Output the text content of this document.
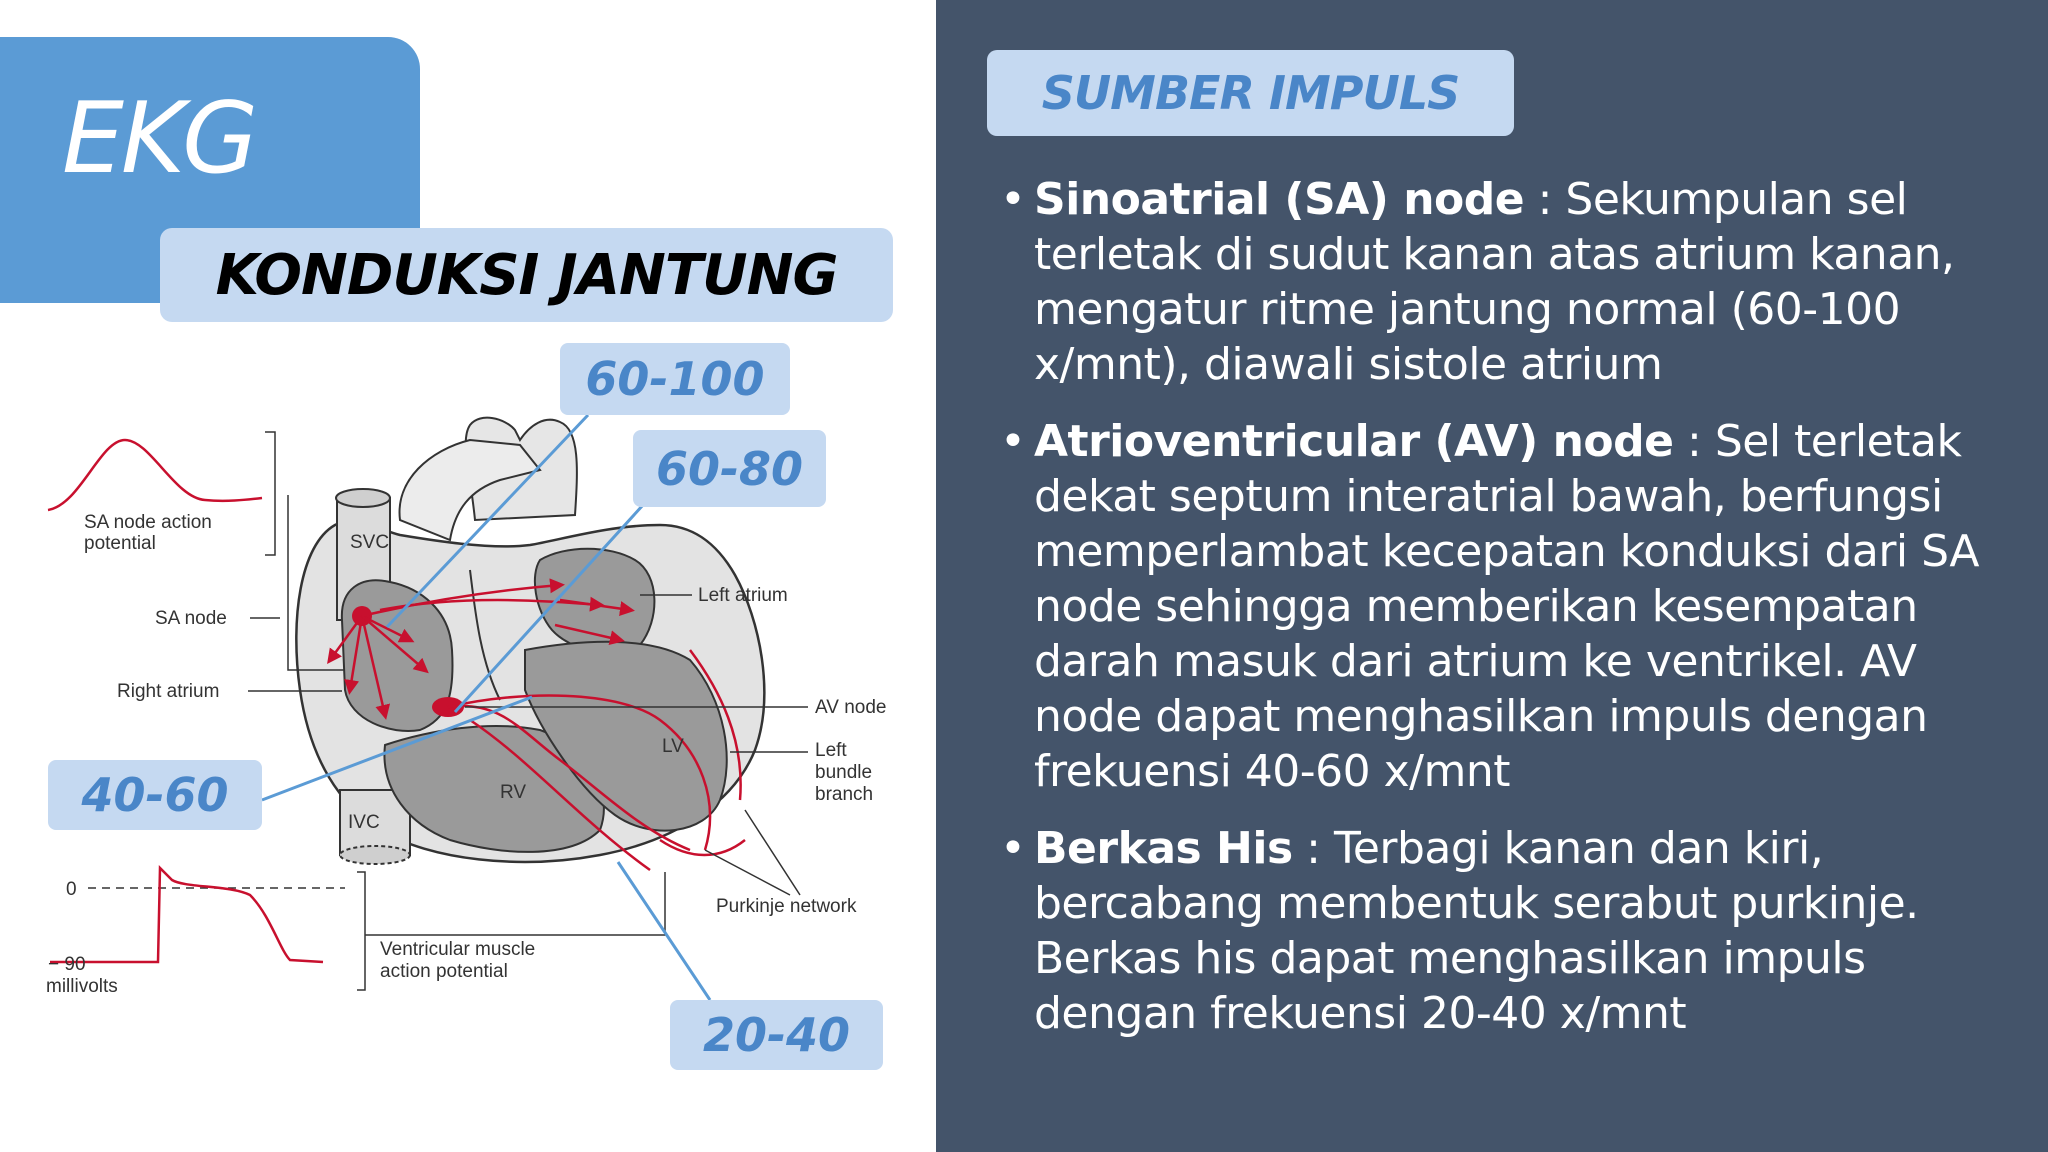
EKG
KONDUKSI JANTUNG
SA node action
potential	SVC
IVC
RV
LV
SA node
Right atrium
Left atrium
AV node
Left
bundle
branch
Purkinje network
0
− 90
millivolts
Ventricular muscle
action potential
60-100
60-80
40-60
20-40
SUMBER IMPULS
• Sinoatrial (SA) node : Sekumpulan sel terletak di sudut kanan atas atrium kanan, mengatur ritme jantung normal (60-100 x/mnt), diawali sistole atrium
• Atrioventricular (AV) node : Sel terletak dekat septum interatrial bawah, berfungsi memperlambat kecepatan konduksi dari SA node sehingga memberikan kesempatan darah masuk dari atrium ke ventrikel. AV node dapat menghasilkan impuls dengan frekuensi 40-60 x/mnt
• Berkas His : Terbagi kanan dan kiri, bercabang membentuk serabut purkinje. Berkas his dapat menghasilkan impuls dengan frekuensi 20-40 x/mnt
